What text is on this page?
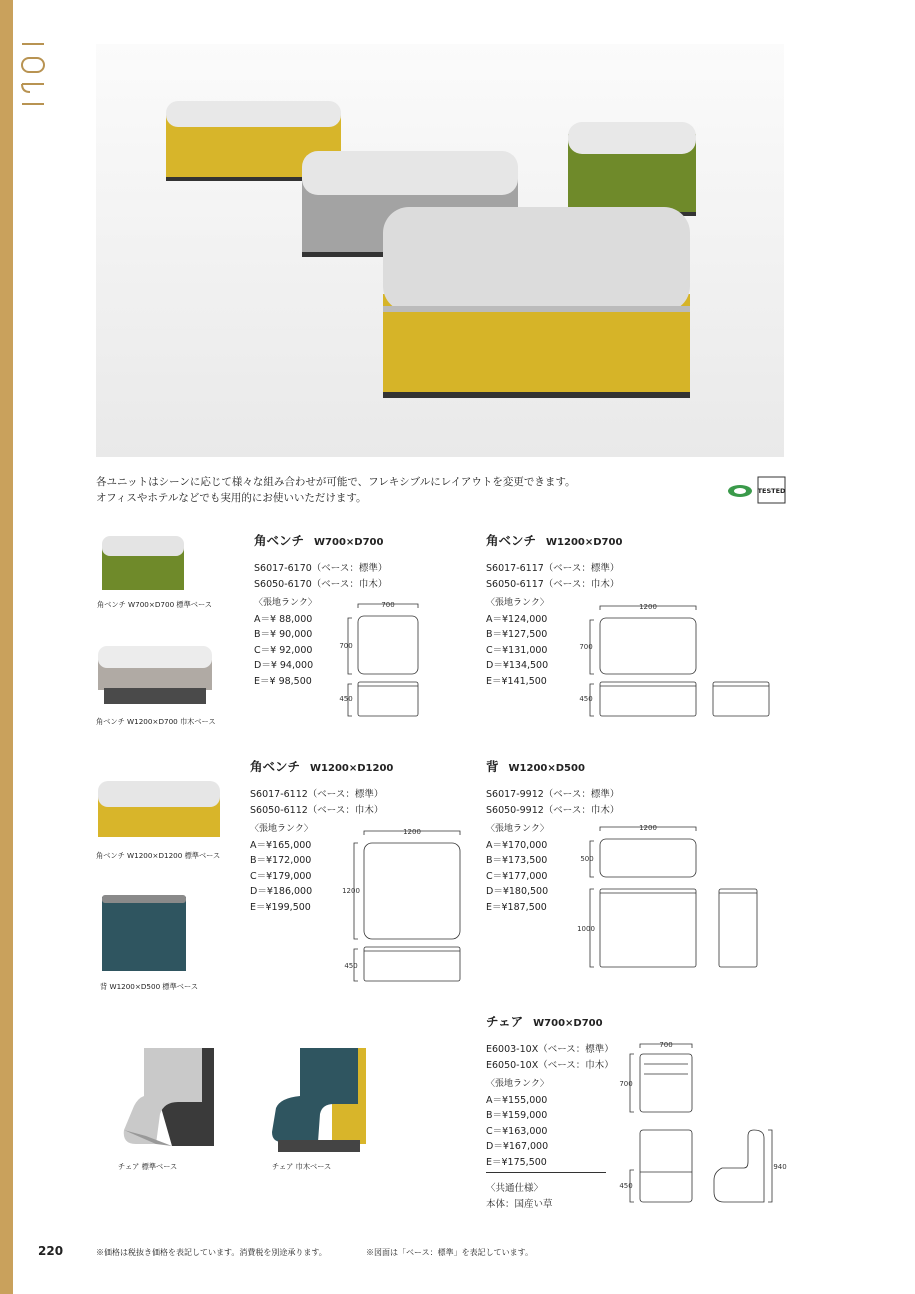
各ユニットはシーンに応じて様々な組み合わせが可能で、フレキシブルにレイアウトを変更できます。
オフィスやホテルなどでも実用的にお使いいただけます。
TESTED
角ベンチ W700×D700 標準ベース
角ベンチ W1200×D700 巾木ベース
角ベンチ W1200×D1200 標準ベース
背 W1200×D500 標準ベース
チェア 標準ベース	チェア 巾木ベース
角ベンチ W700×D700
S6017-6170（ベース：標準）
S6050-6170（ベース：巾木）
〈張地ランク〉
A＝¥ 88,000
B＝¥ 90,000
C＝¥ 92,000
D＝¥ 94,000
E＝¥ 98,500
700
700
450
角ベンチ W1200×D700
S6017-6117（ベース：標準）
S6050-6117（ベース：巾木）
〈張地ランク〉
A＝¥124,000
B＝¥127,500
C＝¥131,000
D＝¥134,500
E＝¥141,500
1200
700
450
角ベンチ W1200×D1200
S6017-6112（ベース：標準）
S6050-6112（ベース：巾木）
〈張地ランク〉
A＝¥165,000
B＝¥172,000
C＝¥179,000
D＝¥186,000
E＝¥199,500
1200
1200
450
背 W1200×D500
S6017-9912（ベース：標準）
S6050-9912（ベース：巾木）
〈張地ランク〉
A＝¥170,000
B＝¥173,500
C＝¥177,000
D＝¥180,500
E＝¥187,500
1200
500
1000
チェア W700×D700
E6003-10X（ベース：標準）
E6050-10X（ベース：巾木）
〈張地ランク〉
A＝¥155,000
B＝¥159,000
C＝¥163,000
D＝¥167,000
E＝¥175,500
700
700
450
940
〈共通仕様〉
本体：国産い草
220	※価格は税抜き価格を表記しています。消費税を別途承ります。	※図面は「ベース：標準」を表記しています。
